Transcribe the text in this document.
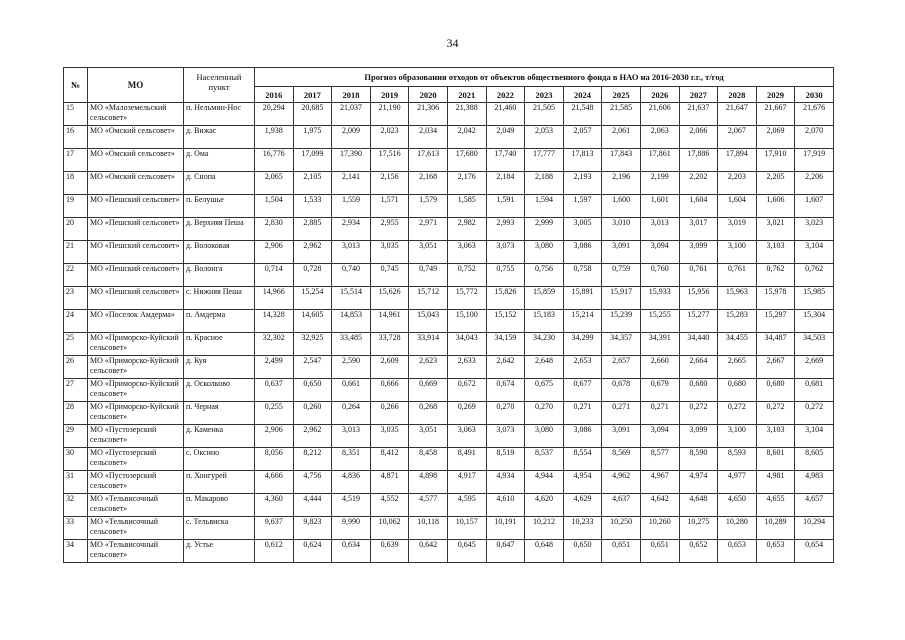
34
№	МО	Населенный пункт	Прогноз образования отходов от объектов общественного фонда в НАО на 2016-2030 г.г., т/год														
			2016	2017	2018	2019	2020	2021	2022	2023	2024	2025	2026	2027	2028	2029	2030
15	МО «Малоземельский сельсовет»	п. Нельмин-Нос	20,294	20,685	21,037	21,190	21,306	21,388	21,460	21,505	21,548	21,585	21,606	21,637	21,647	21,667	21,676
16	МО «Омский сельсовет»	д. Вижас	1,938	1,975	2,009	2,023	2,034	2,042	2,049	2,053	2,057	2,061	2,063	2,066	2,067	2,069	2,070
17	МО «Омский сельсовет»	д. Ома	16,776	17,099	17,390	17,516	17,613	17,680	17,740	17,777	17,813	17,843	17,861	17,886	17,894	17,910	17,919
18	МО «Омский сельсовет»	д. Снопа	2,065	2,105	2,141	2,156	2,168	2,176	2,184	2,188	2,193	2,196	2,199	2,202	2,203	2,205	2,206
19	МО «Пешский сельсовет»	п. Белушье	1,504	1,533	1,559	1,571	1,579	1,585	1,591	1,594	1,597	1,600	1,601	1,604	1,604	1,606	1,607
20	МО «Пешский сельсовет»	д. Верхняя Пеша	2,830	2,885	2,934	2,955	2,971	2,982	2,993	2,999	3,005	3,010	3,013	3,017	3,019	3,021	3,023
21	МО «Пешский сельсовет»	д. Волоковая	2,906	2,962	3,013	3,035	3,051	3,063	3,073	3,080	3,086	3,091	3,094	3,099	3,100	3,103	3,104
22	МО «Пешский сельсовет»	д. Волонга	0,714	0,728	0,740	0,745	0,749	0,752	0,755	0,756	0,758	0,759	0,760	0,761	0,761	0,762	0,762
23	МО «Пешский сельсовет»	с. Нижняя Пеша	14,966	15,254	15,514	15,626	15,712	15,772	15,826	15,859	15,891	15,917	15,933	15,956	15,963	15,978	15,985
24	МО «Поселок Амдерма»	п. Амдерма	14,328	14,605	14,853	14,961	15,043	15,100	15,152	15,183	15,214	15,239	15,255	15,277	15,283	15,297	15,304
25	МО «Приморско-Куйский сельсовет»	п. Красное	32,302	32,925	33,485	33,728	33,914	34,043	34,159	34,230	34,299	34,357	34,391	34,440	34,455	34,487	34,503
26	МО «Приморско-Куйский сельсовет»	д. Куя	2,499	2,547	2,590	2,609	2,623	2,633	2,642	2,648	2,653	2,657	2,660	2,664	2,665	2,667	2,669
27	МО «Приморско-Куйский сельсовет»	д. Осколково	0,637	0,650	0,661	0,666	0,669	0,672	0,674	0,675	0,677	0,678	0,679	0,680	0,680	0,680	0,681
28	МО «Приморско-Куйский сельсовет»	п. Черная	0,255	0,260	0,264	0,266	0,268	0,269	0,270	0,270	0,271	0,271	0,271	0,272	0,272	0,272	0,272
29	МО «Пустозерский сельсовет»	д. Каменка	2,906	2,962	3,013	3,035	3,051	3,063	3,073	3,080	3,086	3,091	3,094	3,099	3,100	3,103	3,104
30	МО «Пустозерский сельсовет»	с. Оксино	8,056	8,212	8,351	8,412	8,458	8,491	8,519	8,537	8,554	8,569	8,577	8,590	8,593	8,601	8,605
31	МО «Пустозерский сельсовет»	п. Хонгурей	4,666	4,756	4,836	4,871	4,898	4,917	4,934	4,944	4,954	4,962	4,967	4,974	4,977	4,981	4,983
32	МО «Тельвисочный сельсовет»	п. Макарово	4,360	4,444	4,519	4,552	4,577	4,595	4,610	4,620	4,629	4,637	4,642	4,648	4,650	4,655	4,657
33	МО «Тельвисочный сельсовет»	с. Тельвиска	9,637	9,823	9,990	10,062	10,118	10,157	10,191	10,212	10,233	10,250	10,260	10,275	10,280	10,289	10,294
34	МО «Тельвисочный сельсовет»	д. Устье	0,612	0,624	0,634	0,639	0,642	0,645	0,647	0,648	0,650	0,651	0,651	0,652	0,653	0,653	0,654
